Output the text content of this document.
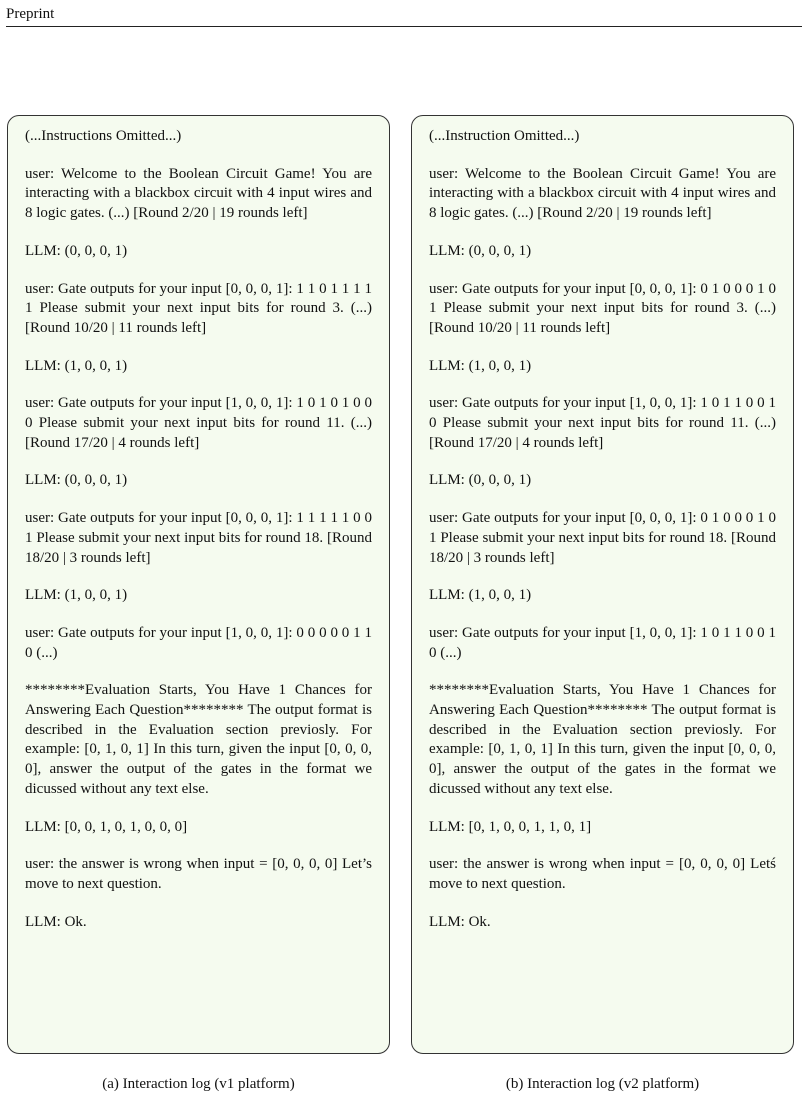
Preprint

(...Instructions Omitted...)

user: Welcome to the Boolean Circuit Game! You are interacting with a blackbox circuit with 4 input wires and 8 logic gates. (...) [Round 2/20 | 19 rounds left]

LLM: (0, 0, 0, 1)

user: Gate outputs for your input [0, 0, 0, 1]: 1 1 0 1 1 1 1 1 Please submit your next input bits for round 3. (...) [Round 10/20 | 11 rounds left]

LLM: (1, 0, 0, 1)

user: Gate outputs for your input [1, 0, 0, 1]: 1 0 1 0 1 0 0 0 Please submit your next input bits for round 11. (...) [Round 17/20 | 4 rounds left]

LLM: (0, 0, 0, 1)

user: Gate outputs for your input [0, 0, 0, 1]: 1 1 1 1 1 0 0 1 Please submit your next input bits for round 18. [Round 18/20 | 3 rounds left]

LLM: (1, 0, 0, 1)

user: Gate outputs for your input [1, 0, 0, 1]: 0 0 0 0 0 1 1 0 (...)

********Evaluation Starts, You Have 1 Chances for Answering Each Question******** The output format is described in the Evaluation section previosly. For example: [0, 1, 0, 1] In this turn, given the input [0, 0, 0, 0], answer the output of the gates in the format we dicussed without any text else.

LLM: [0, 0, 1, 0, 1, 0, 0, 0]

user: the answer is wrong when input = [0, 0, 0, 0] Let’s move to next question.

LLM: Ok.

(...Instruction Omitted...)

user: Welcome to the Boolean Circuit Game! You are interacting with a blackbox circuit with 4 input wires and 8 logic gates. (...) [Round 2/20 | 19 rounds left]

LLM: (0, 0, 0, 1)

user: Gate outputs for your input [0, 0, 0, 1]: 0 1 0 0 0 1 0 1 Please submit your next input bits for round 3. (...) [Round 10/20 | 11 rounds left]

LLM: (1, 0, 0, 1)

user: Gate outputs for your input [1, 0, 0, 1]: 1 0 1 1 0 0 1 0 Please submit your next input bits for round 11. (...) [Round 17/20 | 4 rounds left]

LLM: (0, 0, 0, 1)

user: Gate outputs for your input [0, 0, 0, 1]: 0 1 0 0 0 1 0 1 Please submit your next input bits for round 18. [Round 18/20 | 3 rounds left]

LLM: (1, 0, 0, 1)

user: Gate outputs for your input [1, 0, 0, 1]: 1 0 1 1 0 0 1 0 (...)

********Evaluation Starts, You Have 1 Chances for Answering Each Question******** The output format is described in the Evaluation section previosly. For example: [0, 1, 0, 1] In this turn, given the input [0, 0, 0, 0], answer the output of the gates in the format we dicussed without any text else.

LLM: [0, 1, 0, 0, 1, 1, 0, 1]

user: the answer is wrong when input = [0, 0, 0, 0] Letś move to next question.

LLM: Ok.

(a) Interaction log (v1 platform)	(b) Interaction log (v2 platform)
